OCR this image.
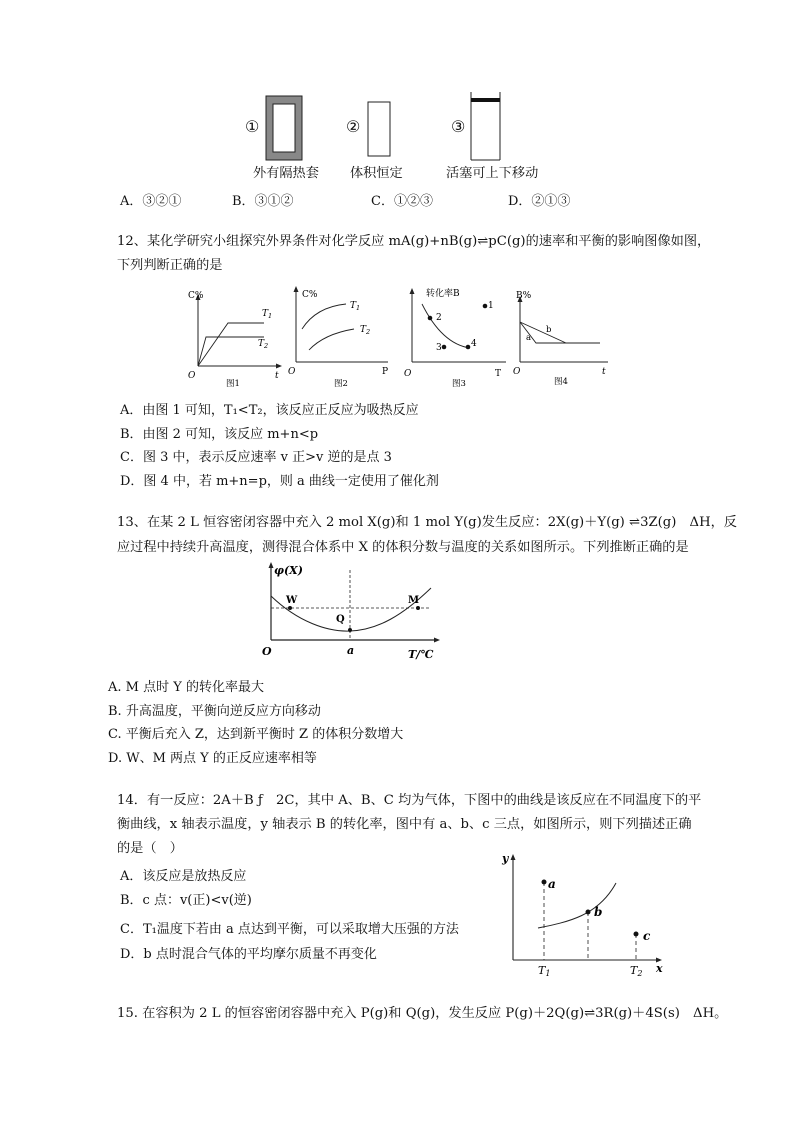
①	②	③
外有隔热套 体积恒定	活塞可上下移动
A．③②①	B．③①②	C．①②③	D．②①③
12、某化学研究小组探究外界条件对化学反应 mA(g)+nB(g)⇌pC(g)的速率和平衡的影响图像如图，
下列判断正确的是
C%
$T_1$
$T_2$
O	t
图1
C%
$T_1$
$T_2$
O	P
图2
转化率B
1
2
3	4
O	T
图3
B%
a
b
O	t
图4
A．由图 1 可知，T₁<T₂，该反应正反应为吸热反应
B．由图 2 可知，该反应 m+n<p
C．图 3 中，表示反应速率 v 正>v 逆的是点 3
D．图 4 中，若 m+n=p，则 a 曲线一定使用了催化剂
13、在某 2 L 恒容密闭容器中充入 2 mol X(g)和 1 mol Y(g)发生反应：2X(g)＋Y(g) ⇌3Z(g)　ΔH，反
应过程中持续升高温度，测得混合体系中 X 的体积分数与温度的关系如图所示。下列推断正确的是
φ(X)
W
Q
M
O	a	T/℃
A. M 点时 Y 的转化率最大
B. 升高温度，平衡向逆反应方向移动
C. 平衡后充入 Z，达到新平衡时 Z 的体积分数增大
D. W、M 两点 Y 的正反应速率相等
14．有一反应：2A＋B ƒ　2C，其中 A、B、C 均为气体，下图中的曲线是该反应在不同温度下的平
衡曲线，x 轴表示温度，y 轴表示 B 的转化率，图中有 a、b、c 三点，如图所示，则下列描述正确
的是（　）
A．该反应是放热反应
B．c 点：v(正)<v(逆)
C．T₁温度下若由 a 点达到平衡，可以采取增大压强的方法
D．b 点时混合气体的平均摩尔质量不再变化
y
a
b
c
T1	T2 x
15. 在容积为 2 L 的恒容密闭容器中充入 P(g)和 Q(g)，发生反应 P(g)＋2Q(g)⇌3R(g)＋4S(s)　ΔH。
